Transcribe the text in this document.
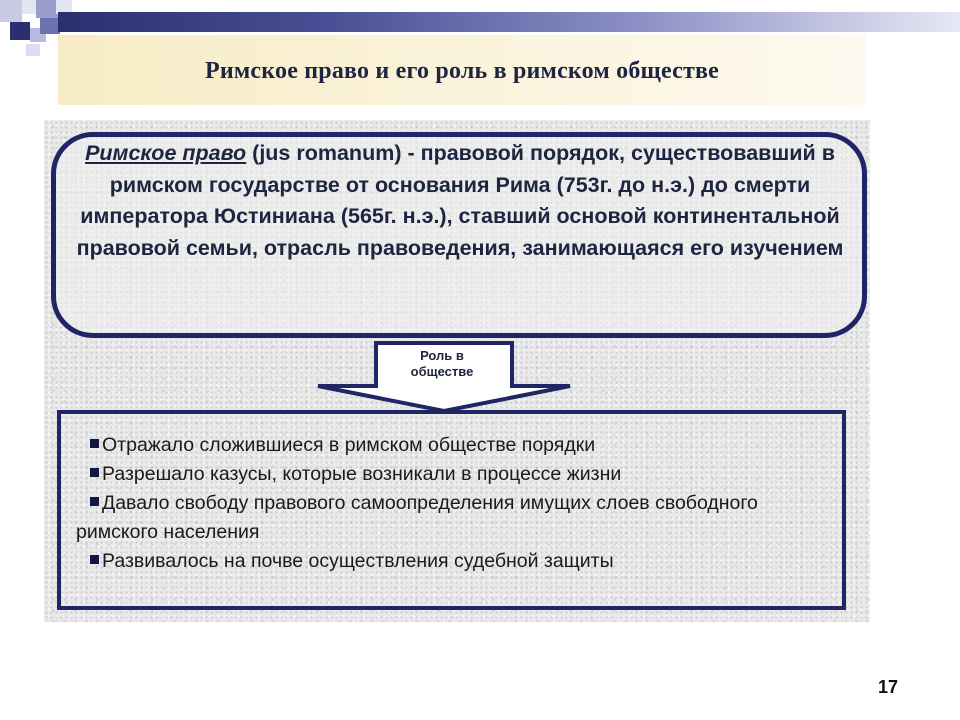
Римское право и его роль в римском обществе
Римское право (jus romanum) - правовой порядок, существовавший в римском государстве от основания Рима (753г. до н.э.) до смерти императора Юстиниана (565г. н.э.), ставший основой континентальной правовой семьи, отрасль правоведения, занимающаяся его изучением
Роль в обществе
Отражало сложившиеся в римском обществе порядки
Разрешало казусы, которые возникали в процессе жизни
Давало свободу правового самоопределения имущих слоев свободного римского населения
Развивалось на почве осуществления судебной защиты
17
